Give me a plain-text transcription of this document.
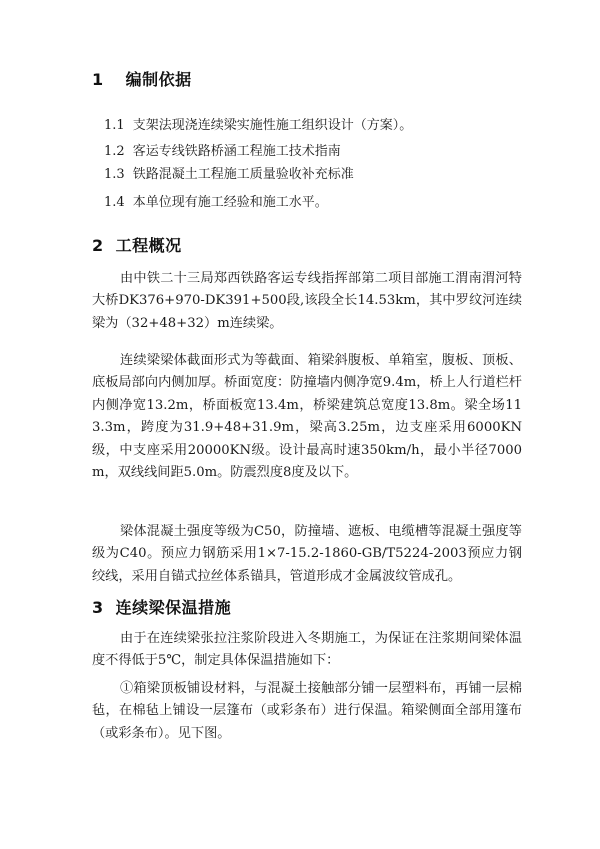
1 编制依据
1.1 支架法现浇连续梁实施性施工组织设计（方案）。
1.2 客运专线铁路桥涵工程施工技术指南
1.3 铁路混凝土工程施工质量验收补充标准
1.4 本单位现有施工经验和施工水平。
2 工程概况

由中铁二十三局郑西铁路客运专线指挥部第二项目部施工渭南渭河特大桥DK376+970-DK391+500段,该段全长14.53km，其中罗纹河连续梁为（32+48+32）m连续梁。

连续梁梁体截面形式为等截面、箱梁斜腹板、单箱室，腹板、顶板、底板局部向内侧加厚。桥面宽度：防撞墙内侧净宽9.4m，桥上人行道栏杆内侧净宽13.2m，桥面板宽13.4m，桥梁建筑总宽度13.8m。梁全场113.3m，跨度为31.9+48+31.9m，梁高3.25m，边支座采用6000KN级，中支座采用20000KN级。设计最高时速350km/h，最小半径7000m，双线线间距5.0m。防震烈度8度及以下。

梁体混凝土强度等级为C50，防撞墙、遮板、电缆槽等混凝土强度等级为C40。预应力钢筋采用1×7-15.2-1860-GB/T5224-2003预应力钢绞线，采用自锚式拉丝体系锚具，管道形成才金属波纹管成孔。

3 连续梁保温措施

由于在连续梁张拉注浆阶段进入冬期施工，为保证在注浆期间梁体温度不得低于5℃，制定具体保温措施如下：

①箱梁顶板铺设材料，与混凝土接触部分铺一层塑料布，再铺一层棉毡，在棉毡上铺设一层篷布（或彩条布）进行保温。箱梁侧面全部用篷布（或彩条布）。见下图。
